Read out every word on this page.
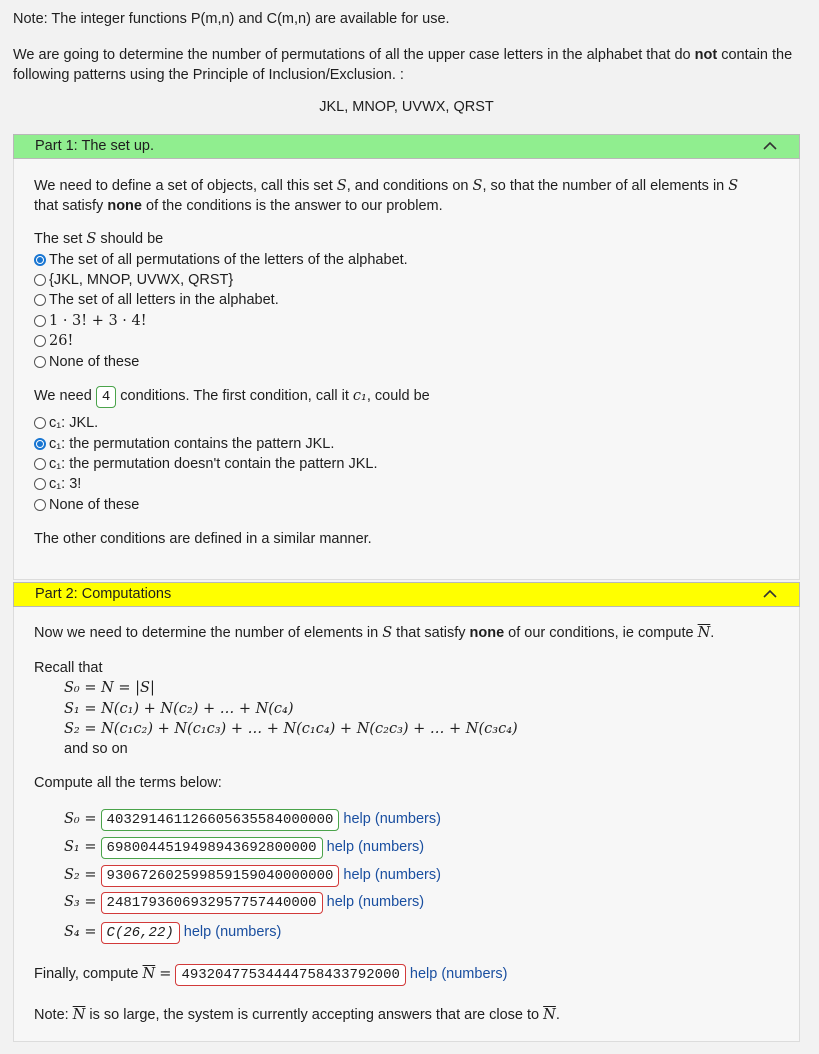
Note: The integer functions P(m,n) and C(m,n) are available for use.
We are going to determine the number of permutations of all the upper case letters in the alphabet that do not contain the following patterns using the Principle of Inclusion/Exclusion. :
JKL, MNOP, UVWX, QRST
Part 1: The set up.
We need to define a set of objects, call this set S, and conditions on S, so that the number of all elements in S that satisfy none of the conditions is the answer to our problem.
The set S should be
The set of all permutations of the letters of the alphabet.
{JKL, MNOP, UVWX, QRST}
The set of all letters in the alphabet.
1 · 3! + 3 · 4!
26!
None of these
We need 4 conditions. The first condition, call it c₁, could be
c₁: JKL.
c₁: the permutation contains the pattern JKL.
c₁: the permutation doesn't contain the pattern JKL.
c₁: 3!
None of these
The other conditions are defined in a similar manner.
Part 2: Computations
Now we need to determine the number of elements in S that satisfy none of our conditions, ie compute $\overline{N}$.
Recall that
S₀ = N = |S|
S₁ = N(c₁) + N(c₂) + … + N(c₄)
S₂ = N(c₁c₂) + N(c₁c₃) + … + N(c₁c₄) + N(c₂c₃) + … + N(c₃c₄)
and so on
Compute all the terms below:
S₀ = 403291461126605635584000000 help (numbers)
S₁ = 6980044519498943692800000 help (numbers)
S₂ = 930672602599859159040000000 help (numbers)
S₃ = 2481793606932957757440000 help (numbers)
S₄ = C(26,22) help (numbers)
Finally, compute $\overline{N} = 49320477534444758433792000$ help (numbers)
Note: $\overline{N}$ is so large, the system is currently accepting answers that are close to $\overline{N}$.
